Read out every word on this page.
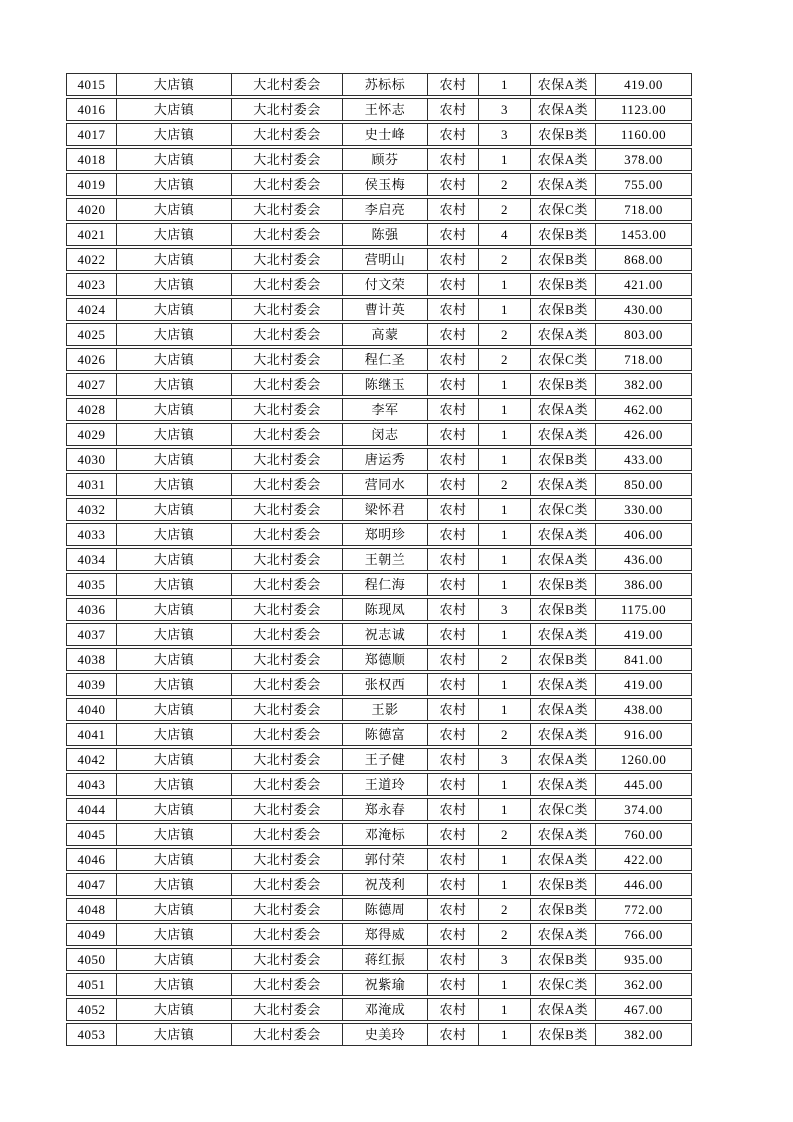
4015	大店镇	大北村委会	苏标标	农村	1	农保A类	419.00
4016	大店镇	大北村委会	王怀志	农村	3	农保A类	1123.00
4017	大店镇	大北村委会	史士峰	农村	3	农保B类	1160.00
4018	大店镇	大北村委会	顾芬	农村	1	农保A类	378.00
4019	大店镇	大北村委会	侯玉梅	农村	2	农保A类	755.00
4020	大店镇	大北村委会	李启亮	农村	2	农保C类	718.00
4021	大店镇	大北村委会	陈强	农村	4	农保B类	1453.00
4022	大店镇	大北村委会	营明山	农村	2	农保B类	868.00
4023	大店镇	大北村委会	付文荣	农村	1	农保B类	421.00
4024	大店镇	大北村委会	曹计英	农村	1	农保B类	430.00
4025	大店镇	大北村委会	高蒙	农村	2	农保A类	803.00
4026	大店镇	大北村委会	程仁圣	农村	2	农保C类	718.00
4027	大店镇	大北村委会	陈继玉	农村	1	农保B类	382.00
4028	大店镇	大北村委会	李军	农村	1	农保A类	462.00
4029	大店镇	大北村委会	闵志	农村	1	农保A类	426.00
4030	大店镇	大北村委会	唐运秀	农村	1	农保B类	433.00
4031	大店镇	大北村委会	营同水	农村	2	农保A类	850.00
4032	大店镇	大北村委会	梁怀君	农村	1	农保C类	330.00
4033	大店镇	大北村委会	郑明珍	农村	1	农保A类	406.00
4034	大店镇	大北村委会	王朝兰	农村	1	农保A类	436.00
4035	大店镇	大北村委会	程仁海	农村	1	农保B类	386.00
4036	大店镇	大北村委会	陈现凤	农村	3	农保B类	1175.00
4037	大店镇	大北村委会	祝志诚	农村	1	农保A类	419.00
4038	大店镇	大北村委会	郑德顺	农村	2	农保B类	841.00
4039	大店镇	大北村委会	张权西	农村	1	农保A类	419.00
4040	大店镇	大北村委会	王影	农村	1	农保A类	438.00
4041	大店镇	大北村委会	陈德富	农村	2	农保A类	916.00
4042	大店镇	大北村委会	王子健	农村	3	农保A类	1260.00
4043	大店镇	大北村委会	王道玲	农村	1	农保A类	445.00
4044	大店镇	大北村委会	郑永春	农村	1	农保C类	374.00
4045	大店镇	大北村委会	邓淹标	农村	2	农保A类	760.00
4046	大店镇	大北村委会	郭付荣	农村	1	农保A类	422.00
4047	大店镇	大北村委会	祝茂利	农村	1	农保B类	446.00
4048	大店镇	大北村委会	陈德周	农村	2	农保B类	772.00
4049	大店镇	大北村委会	郑得威	农村	2	农保A类	766.00
4050	大店镇	大北村委会	蒋红振	农村	3	农保B类	935.00
4051	大店镇	大北村委会	祝紫瑜	农村	1	农保C类	362.00
4052	大店镇	大北村委会	邓淹成	农村	1	农保A类	467.00
4053	大店镇	大北村委会	史美玲	农村	1	农保B类	382.00
